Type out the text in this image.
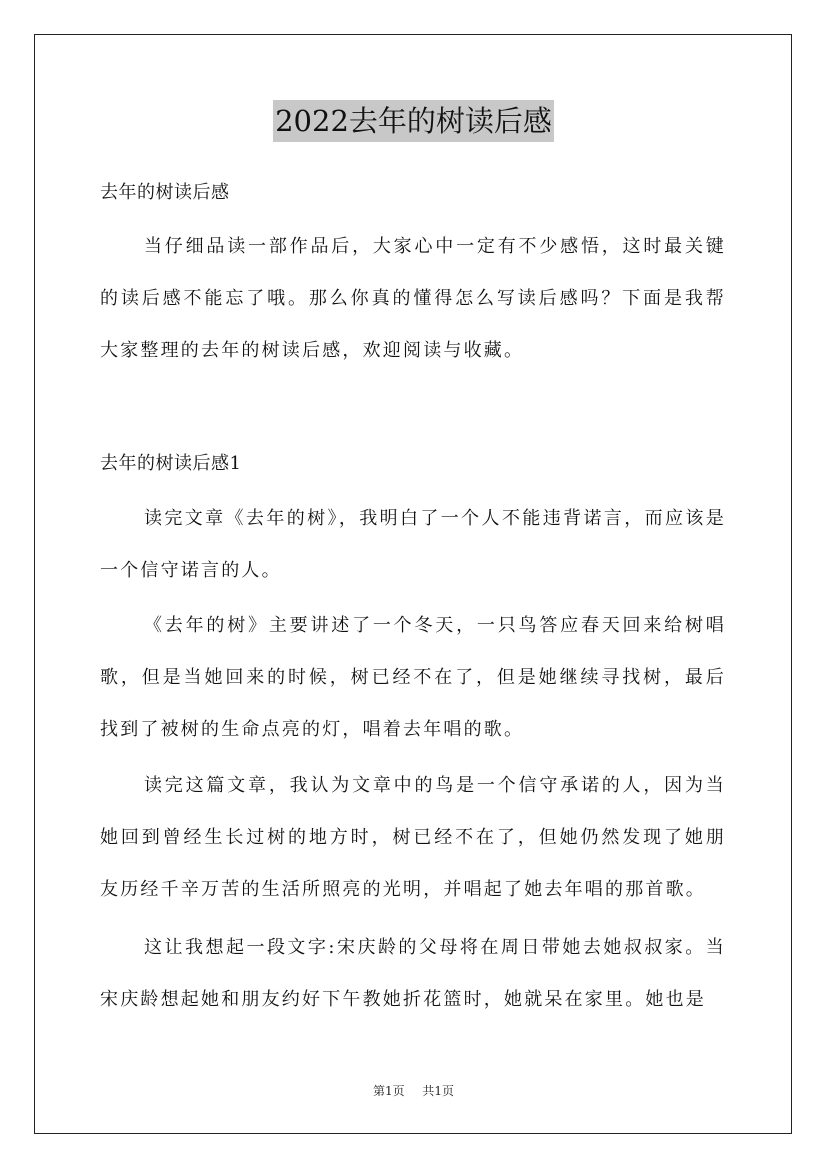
2022去年的树读后感

去年的树读后感

当仔细品读一部作品后，大家心中一定有不少感悟，这时最关键的读后感不能忘了哦。那么你真的懂得怎么写读后感吗？下面是我帮大家整理的去年的树读后感，欢迎阅读与收藏。

去年的树读后感1

读完文章《去年的树》，我明白了一个人不能违背诺言，而应该是一个信守诺言的人。

《去年的树》主要讲述了一个冬天，一只鸟答应春天回来给树唱歌，但是当她回来的时候，树已经不在了，但是她继续寻找树，最后找到了被树的生命点亮的灯，唱着去年唱的歌。

读完这篇文章，我认为文章中的鸟是一个信守承诺的人，因为当她回到曾经生长过树的地方时，树已经不在了，但她仍然发现了她朋友历经千辛万苦的生活所照亮的光明，并唱起了她去年唱的那首歌。

这让我想起一段文字:宋庆龄的父母将在周日带她去她叔叔家。当宋庆龄想起她和朋友约好下午教她折花篮时，她就呆在家里。她也是

第1页 共1页
